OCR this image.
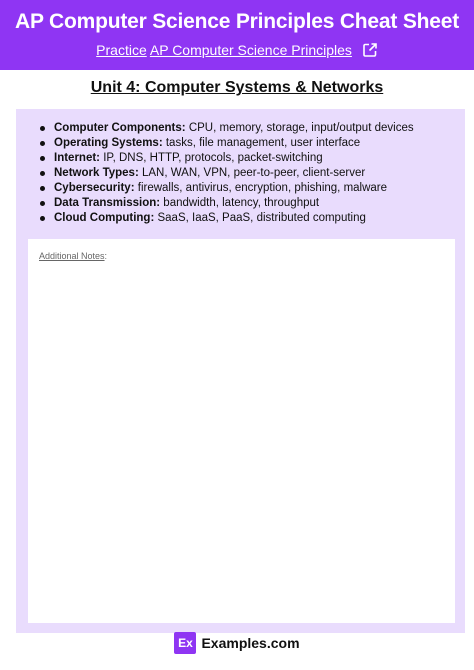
AP Computer Science Principles Cheat Sheet
Practice AP Computer Science Principles
Unit 4: Computer Systems & Networks
Computer Components: CPU, memory, storage, input/output devices
Operating Systems: tasks, file management, user interface
Internet: IP, DNS, HTTP, protocols, packet-switching
Network Types: LAN, WAN, VPN, peer-to-peer, client-server
Cybersecurity: firewalls, antivirus, encryption, phishing, malware
Data Transmission: bandwidth, latency, throughput
Cloud Computing: SaaS, IaaS, PaaS, distributed computing
Additional Notes:
Ex Examples.com
